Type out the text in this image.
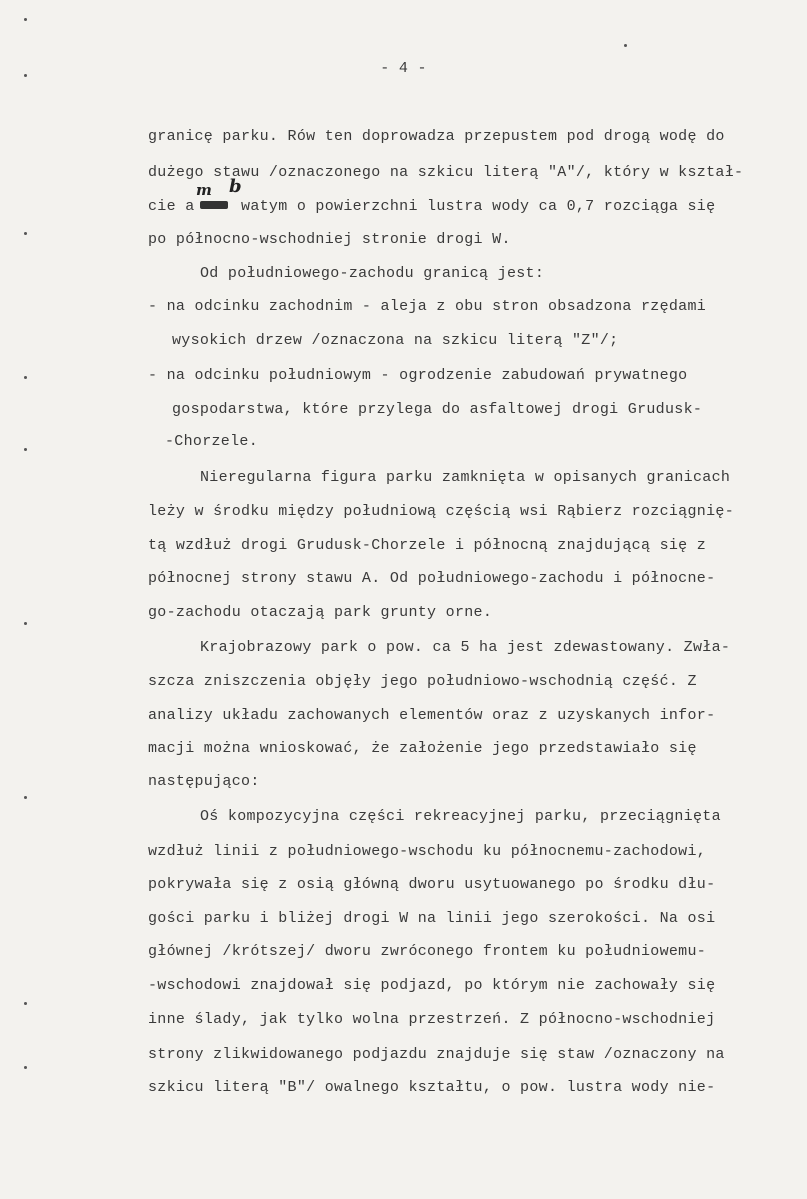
- 4 -
m b
granicę parku. Rów ten doprowadza przepustem pod drogą wodę do
dużego stawu /oznaczonego na szkicu literą "A"/, który w kształ-
cie a     watym o powierzchni lustra wody ca 0,7 rozciąga się
po północno-wschodniej stronie drogi W.
Od południowego-zachodu granicą jest:
- na odcinku zachodnim - aleja z obu stron obsadzona rzędami
wysokich drzew /oznaczona na szkicu literą "Z"/;
- na odcinku południowym - ogrodzenie zabudowań prywatnego
gospodarstwa, które przylega do asfaltowej drogi Grudusk-
-Chorzele.
Nieregularna figura parku zamknięta w opisanych granicach
leży w środku między południową częścią wsi Rąbierz rozciągnię-
tą wzdłuż drogi Grudusk-Chorzele i północną znajdującą się z
północnej strony stawu A. Od południowego-zachodu i północne-
go-zachodu otaczają park grunty orne.
Krajobrazowy park o pow. ca 5 ha jest zdewastowany. Zwła-
szcza zniszczenia objęły jego południowo-wschodnią część. Z
analizy układu zachowanych elementów oraz z uzyskanych infor-
macji można wnioskować, że założenie jego przedstawiało się
następująco:
Oś kompozycyjna części rekreacyjnej parku, przeciągnięta
wzdłuż linii z południowego-wschodu ku północnemu-zachodowi,
pokrywała się z osią główną dworu usytuowanego po środku dłu-
gości parku i bliżej drogi W na linii jego szerokości. Na osi
głównej /krótszej/ dworu zwróconego frontem ku południowemu-
-wschodowi znajdował się podjazd, po którym nie zachowały się
inne ślady, jak tylko wolna przestrzeń. Z północno-wschodniej
strony zlikwidowanego podjazdu znajduje się staw /oznaczony na
szkicu literą "B"/ owalnego kształtu, o pow. lustra wody nie-
